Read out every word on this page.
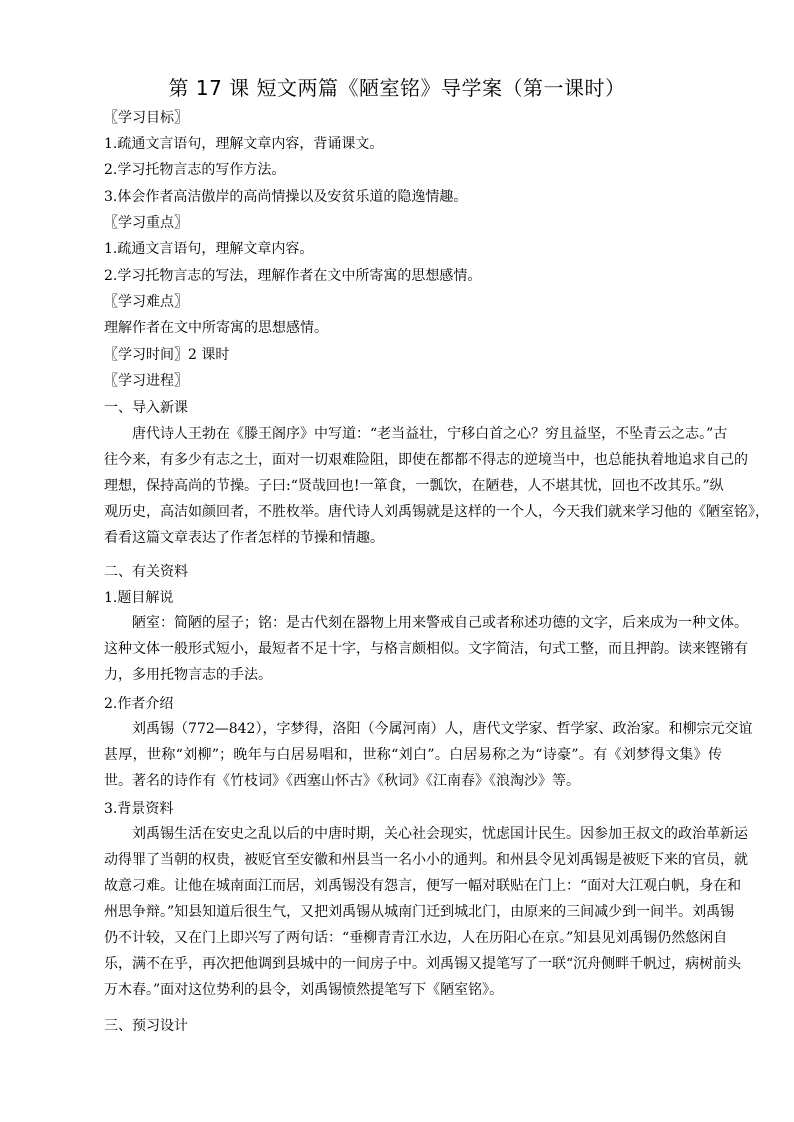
第 17 课 短文两篇《陋室铭》导学案（第一课时）
〖学习目标〗
1.疏通文言语句，理解文章内容，背诵课文。
2.学习托物言志的写作方法。
3.体会作者高洁傲岸的高尚情操以及安贫乐道的隐逸情趣。
〖学习重点〗
1.疏通文言语句，理解文章内容。
2.学习托物言志的写法，理解作者在文中所寄寓的思想感情。
〖学习难点〗
理解作者在文中所寄寓的思想感情。
〖学习时间〗2 课时
〖学习进程〗
一、导入新课
唐代诗人王勃在《滕王阁序》中写道：“老当益壮，宁移白首之心？穷且益坚，不坠青云之志。”古
往今来，有多少有志之士，面对一切艰难险阻，即使在都都不得志的逆境当中，也总能执着地追求自己的
理想，保持高尚的节操。子曰:“贤哉回也!一箪食，一瓢饮，在陋巷，人不堪其忧，回也不改其乐。”纵
观历史，高洁如颜回者，不胜枚举。唐代诗人刘禹锡就是这样的一个人，今天我们就来学习他的《陋室铭》，
看看这篇文章表达了作者怎样的节操和情趣。
二、有关资料
1.题目解说
陋室：简陋的屋子；铭：是古代刻在器物上用来警戒自己或者称述功德的文字，后来成为一种文体。
这种文体一般形式短小，最短者不足十字，与格言颇相似。文字简洁，句式工整，而且押韵。读来铿锵有
力，多用托物言志的手法。
2.作者介绍
刘禹锡（772—842），字梦得，洛阳（今属河南）人，唐代文学家、哲学家、政治家。和柳宗元交谊
甚厚，世称“刘柳”；晚年与白居易唱和，世称“刘白”。白居易称之为“诗豪”。有《刘梦得文集》传
世。著名的诗作有《竹枝词》《西塞山怀古》《秋词》《江南春》《浪淘沙》等。
3.背景资料
刘禹锡生活在安史之乱以后的中唐时期，关心社会现实，忧虑国计民生。因参加王叔文的政治革新运
动得罪了当朝的权贵，被贬官至安徽和州县当一名小小的通判。和州县令见刘禹锡是被贬下来的官员，就
故意刁难。让他在城南面江而居，刘禹锡没有怨言，便写一幅对联贴在门上：“面对大江观白帆，身在和
州思争辩。”知县知道后很生气，又把刘禹锡从城南门迁到城北门，由原来的三间减少到一间半。刘禹锡
仍不计较，又在门上即兴写了两句话：“垂柳青青江水边，人在历阳心在京。”知县见刘禹锡仍然悠闲自
乐，满不在乎，再次把他调到县城中的一间房子中。刘禹锡又提笔写了一联“沉舟侧畔千帆过，病树前头
万木春。”面对这位势利的县令，刘禹锡愤然提笔写下《陋室铭》。
三、预习设计
